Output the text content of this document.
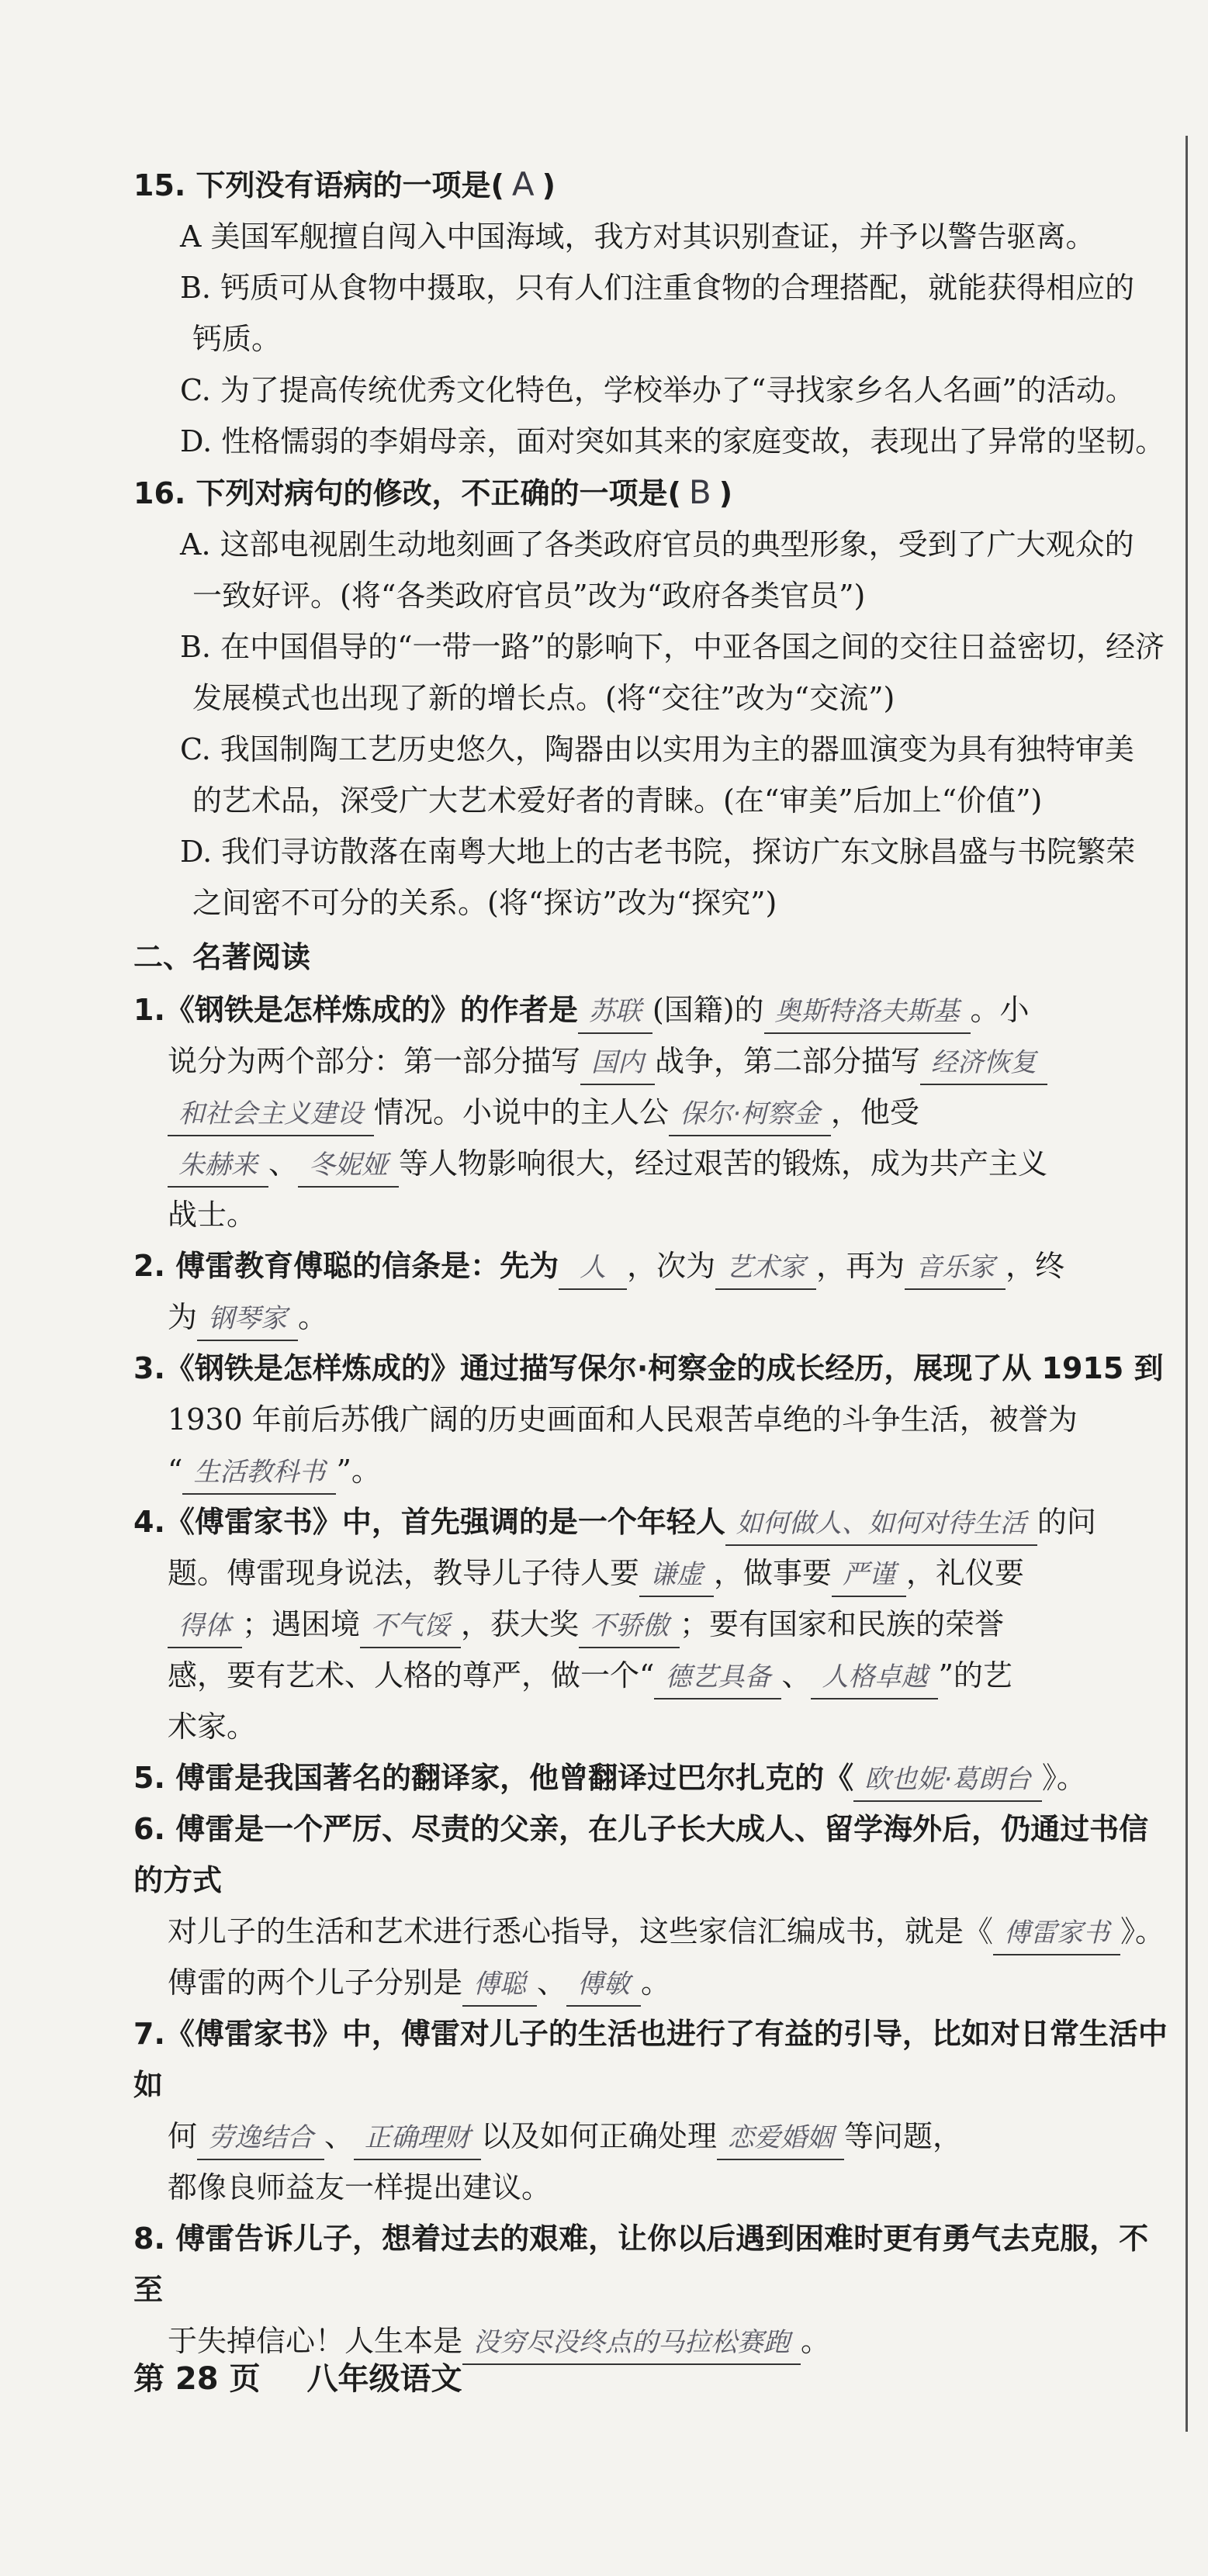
15. 下列没有语病的一项是( A )

A 美国军舰擅自闯入中国海域，我方对其识别查证，并予以警告驱离。

B. 钙质可从食物中摄取，只有人们注重食物的合理搭配，就能获得相应的

钙质。

C. 为了提高传统优秀文化特色，学校举办了“寻找家乡名人名画”的活动。

D. 性格懦弱的李娟母亲，面对突如其来的家庭变故，表现出了异常的坚韧。

16. 下列对病句的修改，不正确的一项是( B )

A. 这部电视剧生动地刻画了各类政府官员的典型形象，受到了广大观众的

一致好评。(将“各类政府官员”改为“政府各类官员”)

B. 在中国倡导的“一带一路”的影响下，中亚各国之间的交往日益密切，经济

发展模式也出现了新的增长点。(将“交往”改为“交流”)

C. 我国制陶工艺历史悠久，陶器由以实用为主的器皿演变为具有独特审美

的艺术品，深受广大艺术爱好者的青睐。(在“审美”后加上“价值”)

D. 我们寻访散落在南粤大地上的古老书院，探访广东文脉昌盛与书院繁荣

之间密不可分的关系。(将“探访”改为“探究”)

二、名著阅读

1.《钢铁是怎样炼成的》的作者是 苏联 (国籍)的 奥斯特洛夫斯基 。小

说分为两个部分：第一部分描写 国内 战争，第二部分描写 经济恢复

和社会主义建设 情况。小说中的主人公 保尔·柯察金 ，他受

朱赫来 、 冬妮娅 等人物影响很大，经过艰苦的锻炼，成为共产主义

战士。

2. 傅雷教育傅聪的信条是：先为 人 ，次为 艺术家 ，再为 音乐家 ，终

为 钢琴家 。

3.《钢铁是怎样炼成的》通过描写保尔·柯察金的成长经历，展现了从 1915 到

1930 年前后苏俄广阔的历史画面和人民艰苦卓绝的斗争生活，被誉为

“ 生活教科书 ”。

4.《傅雷家书》中，首先强调的是一个年轻人 如何做人、如何对待生活 的问

题。傅雷现身说法，教导儿子待人要 谦虚 ，做事要 严谨 ，礼仪要

得体 ；遇困境 不气馁 ，获大奖 不骄傲 ；要有国家和民族的荣誉

感，要有艺术、人格的尊严，做一个“ 德艺具备 、 人格卓越 ”的艺

术家。

5. 傅雷是我国著名的翻译家，他曾翻译过巴尔扎克的《 欧也妮·葛朗台 》。

6. 傅雷是一个严厉、尽责的父亲，在儿子长大成人、留学海外后，仍通过书信的方式

对儿子的生活和艺术进行悉心指导，这些家信汇编成书，就是《 傅雷家书 》。

傅雷的两个儿子分别是 傅聪 、 傅敏 。

7.《傅雷家书》中，傅雷对儿子的生活也进行了有益的引导，比如对日常生活中如

何 劳逸结合 、 正确理财 以及如何正确处理 恋爱婚姻 等问题，

都像良师益友一样提出建议。

8. 傅雷告诉儿子，想着过去的艰难，让你以后遇到困难时更有勇气去克服，不至

于失掉信心！人生本是 没穷尽没终点的马拉松赛跑 。

第 28 页 八年级语文
